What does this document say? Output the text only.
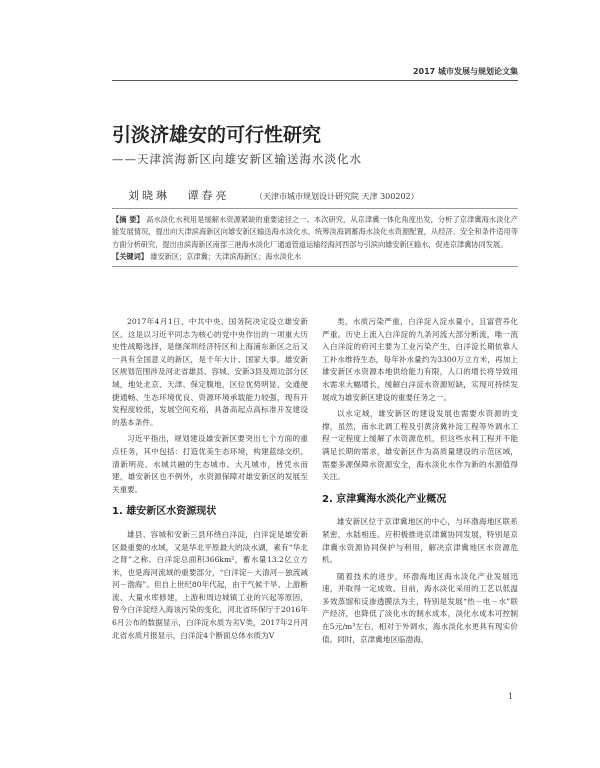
2017 城市发展与规划论文集
引淡济雄安的可行性研究
——天津滨海新区向雄安新区输送海水淡化水
刘晓琳 谭春亮	（天津市城市规划设计研究院 天津 300202）
【摘 要】 高水淡化水利用是缓解水资源紧缺的重要途径之一。本次研究，从京津冀一体化角度出发，分析了京津冀海水淡化产能发展情况，提出向天津滨海新区向雄安新区输送海水淡化水，统筹淡海调蓄海水淡化水资源配置，从经济、安全和条件适用等方面分析研究，提出由滨海新区南部三港海水淡化厂通道管道运输经海河西部与引滨向雄安新区输水，促进京津冀协同发展。
【关键词】 雄安新区；京津冀；天津滨海新区；海水淡化水

2017年4月1日，中共中央、国务院决定设立雄安新区。这是以习近平同志为核心的党中央作出的一项重大历史性战略选择，是继深圳经济特区和上海浦东新区之后又一具有全国意义的新区，是千年大计、国家大事。雄安新区规划范围涉及河北省雄县、容城、安新3县及周边部分区域，地处北京、天津、保定腹地，区位优势明显、交通便捷通畅、生态环境优良、资源环境承载能力较强，现有开发程度较低，发展空间充裕，具备高起点高标准开发建设的基本条件。

习近平指出，规划建设雄安新区要突出七个方面的重点任务，其中包括：打造优美生态环境，构建蓝绿交织、清新明亮、水城共融的生态城市。大凡城市，皆凭水而建，雄安新区也不例外，水资源保障对雄安新区的发展至关重要。

1. 雄安新区水资源现状

雄县、容城和安新三县环绕白洋淀，白洋淀是雄安新区最重要的水域，又是华北平原最大的淡水湖，素有“华北之肾”之称。白洋淀总面积366km²，蓄水量13.2亿立方米，也是海河流域的重要部分，“白洋淀－大清河－独流减河－渤海”。但自上世纪80年代起，由于气候干旱、上游断流、大量水库修建，上游和周边城镇工业的兴起等原因，曾今白洋淀经入海该污染的变化，河北省环保厅于2016年6月公布的数据显示，白洋淀水质为劣V类，2017年2月河北省水质月报显示，白洋淀4个断面总体水质为V

类，水质污染严重，白洋淀入淀水量小，且富营养化严重。历史上流入白洋淀的九条河流大部分断流，唯一流入白洋淀的府河主要为工业污染产生，白洋淀长期依靠人工补水维持生态，每年补水量约为3300万立方米，再加上雄安新区水资源本地供给能力有限，人口的增长将导致用水需求大幅增长，缓解白洋淀水资源短缺，实现可持续发展成为雄安新区建设的重要任务之一。

以水定城，雄安新区的建设发展也需要水资源的支撑，虽然，南水北调工程及引黄济冀补淀工程等外调水工程一定程度上缓解了水资源危机，但这些水利工程并不能满足长期的需求，雄安新区作为高质量建设的示范区域，需要多源保障水资源安全，海水淡化水作为新的水源值得关注。

2. 京津冀海水淡化产业概况

雄安新区位于京津冀地区的中心，与环渤海地区联系紧密，水陆相连。应积极推进京津冀协同发展，特别是京津冀水资源协同保护与利用，解决京津冀地区水资源危机。

随着技术的进步，环渤海地区海水淡化产业发展迅速，并取得一定成效。目前，海水淡化采用的工艺以低温多效蒸馏和反渗透膜法为主，特别是发展“热－电－水”联产经济，也降低了淡化水的制水成本，淡化水成本可控制在5元/m³左右，相对于外调水，海水淡化水更具有现实价值。同时，京津冀地区临渤海，

1
